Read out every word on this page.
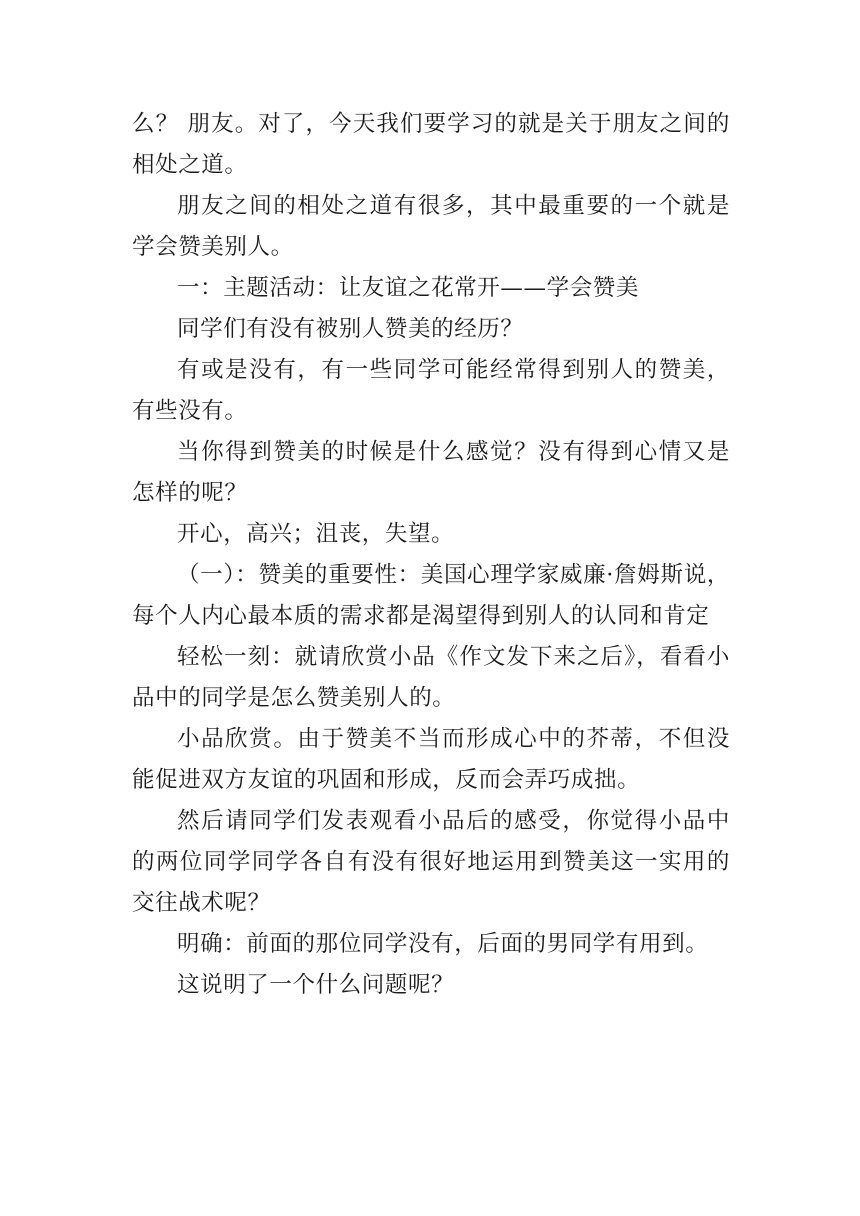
么？ 朋友。对了，今天我们要学习的就是关于朋友之间的相处之道。

朋友之间的相处之道有很多，其中最重要的一个就是学会赞美别人。

一：主题活动：让友谊之花常开——学会赞美

同学们有没有被别人赞美的经历？

有或是没有，有一些同学可能经常得到别人的赞美，有些没有。

当你得到赞美的时候是什么感觉？没有得到心情又是怎样的呢？

开心，高兴；沮丧，失望。

（一）：赞美的重要性：美国心理学家威廉·詹姆斯说，每个人内心最本质的需求都是渴望得到别人的认同和肯定

轻松一刻：就请欣赏小品《作文发下来之后》，看看小品中的同学是怎么赞美别人的。

小品欣赏。由于赞美不当而形成心中的芥蒂，不但没能促进双方友谊的巩固和形成，反而会弄巧成拙。

然后请同学们发表观看小品后的感受，你觉得小品中的两位同学同学各自有没有很好地运用到赞美这一实用的交往战术呢？

明确：前面的那位同学没有，后面的男同学有用到。

这说明了一个什么问题呢？
